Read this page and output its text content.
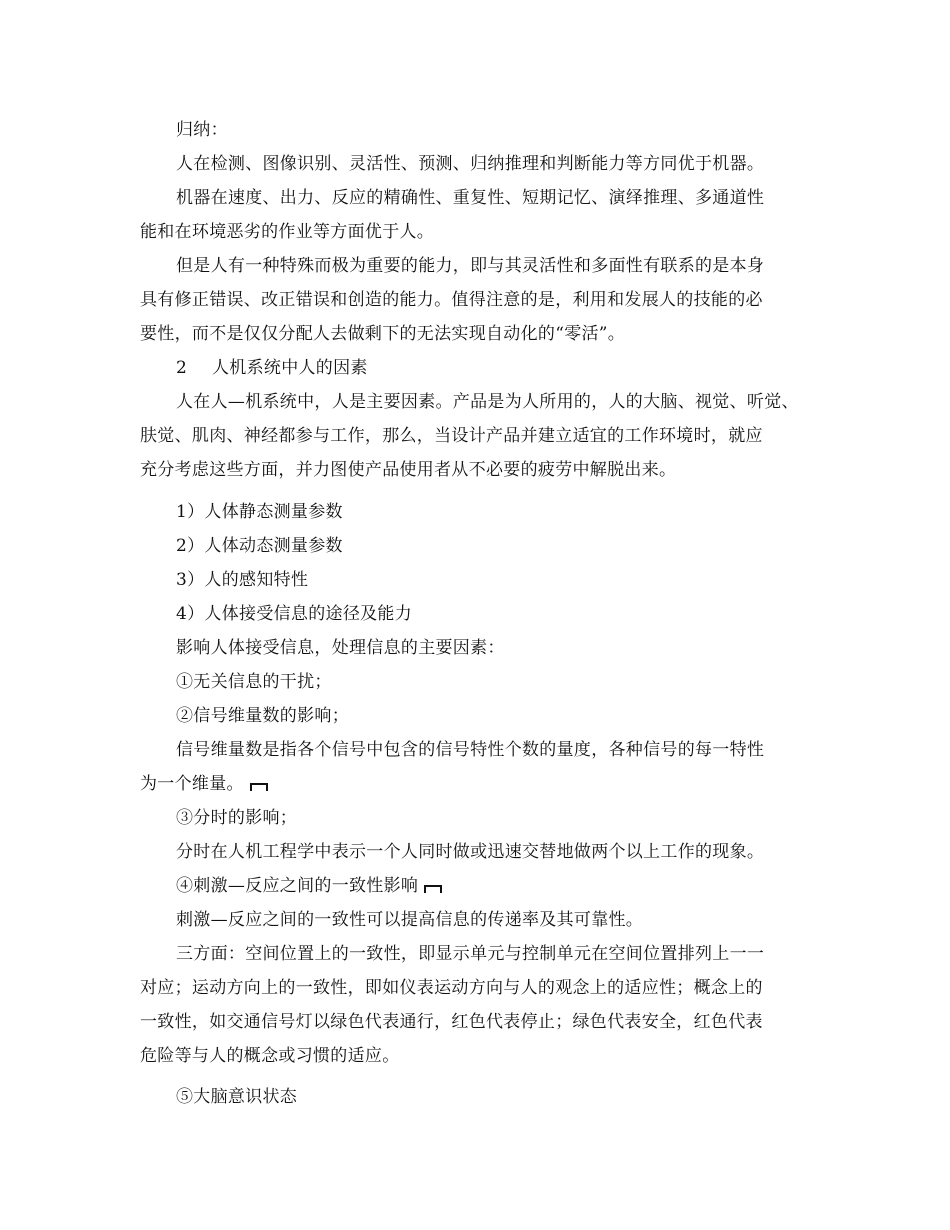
归纳：
人在检测、图像识别、灵活性、预测、归纳推理和判断能力等方同优于机器。
机器在速度、出力、反应的精确性、重复性、短期记忆、演绎推理、多通道性
能和在环境恶劣的作业等方面优于人。
但是人有一种特殊而极为重要的能力，即与其灵活性和多面性有联系的是本身
具有修正错误、改正错误和创造的能力。值得注意的是，利用和发展人的技能的必
要性，而不是仅仅分配人去做剩下的无法实现自动化的“零活”。
2 人机系统中人的因素
人在人—机系统中，人是主要因素。产品是为人所用的，人的大脑、视觉、听觉、
肤觉、肌肉、神经都参与工作，那么，当设计产品并建立适宜的工作环境时，就应
充分考虑这些方面，并力图使产品使用者从不必要的疲劳中解脱出来。
1）人体静态测量参数
2）人体动态测量参数
3）人的感知特性
4）人体接受信息的途径及能力
影响人体接受信息，处理信息的主要因素：
①无关信息的干扰；
②信号维量数的影响；
信号维量数是指各个信号中包含的信号特性个数的量度，各种信号的每一特性
为一个维量。
③分时的影响；
分时在人机工程学中表示一个人同时做或迅速交替地做两个以上工作的现象。
④刺激—反应之间的一致性影响
刺激—反应之间的一致性可以提高信息的传递率及其可靠性。
三方面：空间位置上的一致性，即显示单元与控制单元在空间位置排列上一一
对应；运动方向上的一致性，即如仪表运动方向与人的观念上的适应性；概念上的
一致性，如交通信号灯以绿色代表通行，红色代表停止；绿色代表安全，红色代表
危险等与人的概念或习惯的适应。
⑤大脑意识状态
